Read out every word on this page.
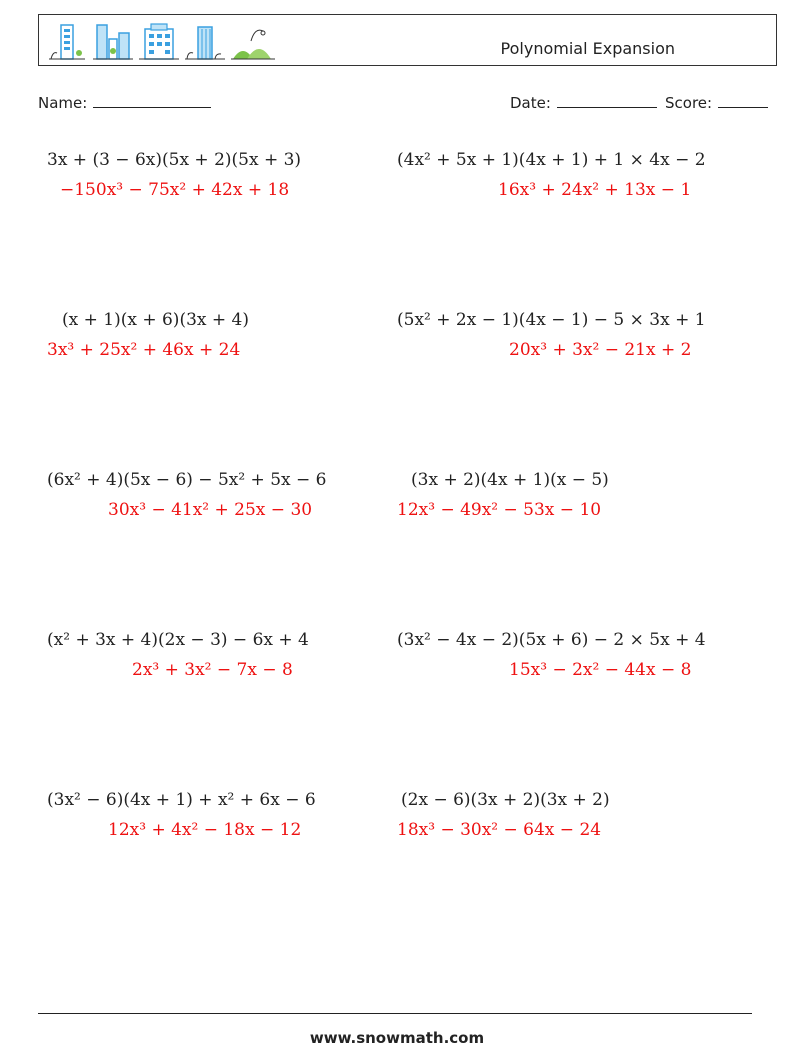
Polynomial Expansion
Name:	Date:	Score:
3x + (3 − 6x)(5x + 2)(5x + 3)
−150x³ − 75x² + 42x + 18
(x + 1)(x + 6)(3x + 4)
3x³ + 25x² + 46x + 24
(6x² + 4)(5x − 6) − 5x² + 5x − 6
30x³ − 41x² + 25x − 30
(x² + 3x + 4)(2x − 3) − 6x + 4
2x³ + 3x² − 7x − 8
(3x² − 6)(4x + 1) + x² + 6x − 6
12x³ + 4x² − 18x − 12
(4x² + 5x + 1)(4x + 1) + 1 × 4x − 2
16x³ + 24x² + 13x − 1
(5x² + 2x − 1)(4x − 1) − 5 × 3x + 1
20x³ + 3x² − 21x + 2
(3x + 2)(4x + 1)(x − 5)
12x³ − 49x² − 53x − 10
(3x² − 4x − 2)(5x + 6) − 2 × 5x + 4
15x³ − 2x² − 44x − 8
(2x − 6)(3x + 2)(3x + 2)
18x³ − 30x² − 64x − 24
www.snowmath.com
